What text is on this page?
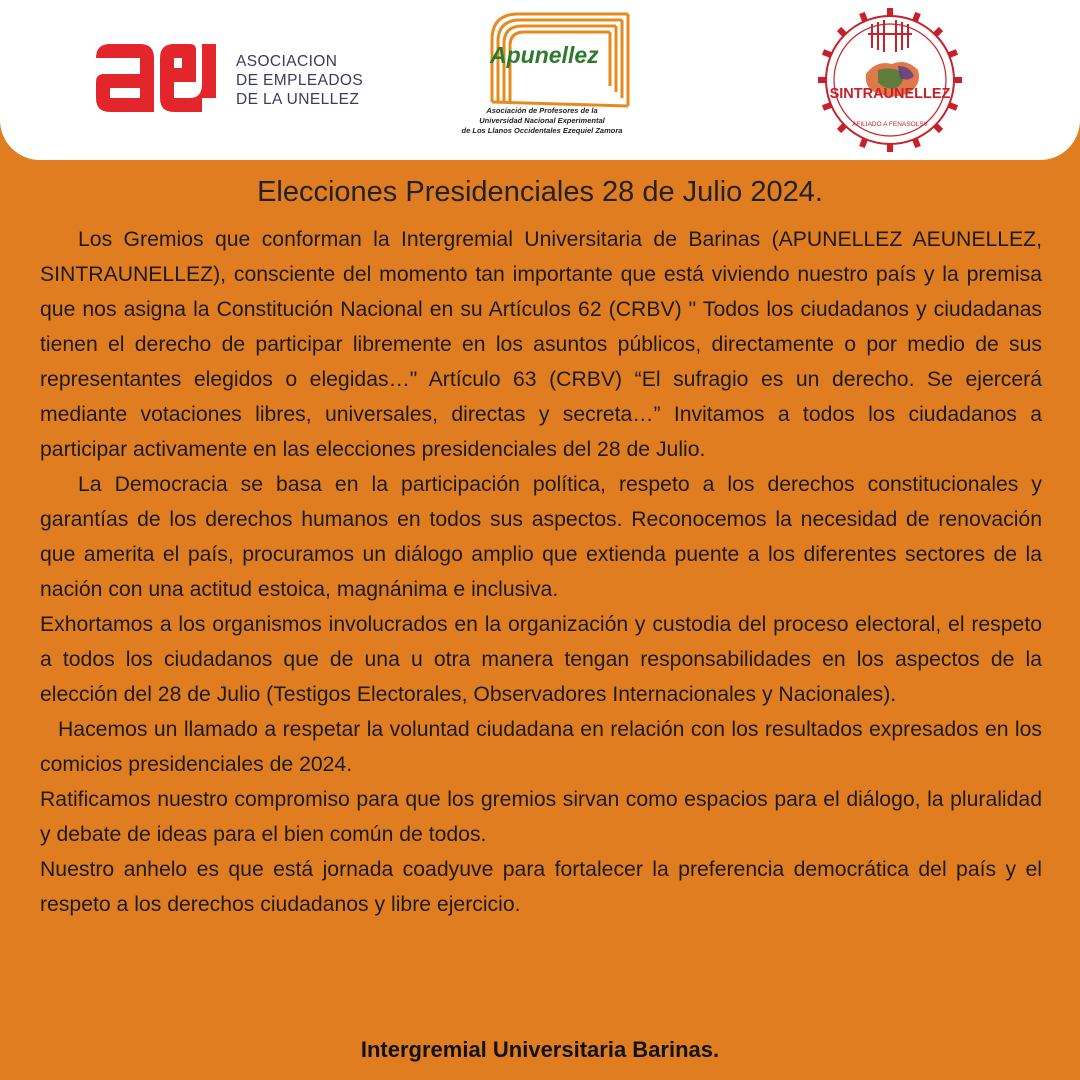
ASOCIACION
DE EMPLEADOS
DE LA UNELLEZ
Apunellez
Asociación de Profesores de la
Universidad Nacional Experimental
de Los Llanos Occidentales Ezequiel Zamora
SINTRAUNELLEZ
AFILIADO A FENASOLSV
Elecciones Presidenciales 28 de Julio 2024.

Los Gremios que conforman la Intergremial Universitaria de Barinas (APUNELLEZ AEUNELLEZ, SINTRAUNELLEZ), consciente del momento tan importante que está viviendo nuestro país y la premisa que nos asigna la Constitución Nacional en su Artículos 62 (CRBV) " Todos los ciudadanos y ciudadanas tienen el derecho de participar libremente en los asuntos públicos, directamente o por medio de sus representantes elegidos o elegidas…" Artículo 63 (CRBV) “El sufragio es un derecho. Se ejercerá mediante votaciones libres, universales, directas y secreta…” Invitamos a todos los ciudadanos a participar activamente en las elecciones presidenciales del 28 de Julio.

La Democracia se basa en la participación política, respeto a los derechos constitucionales y garantías de los derechos humanos en todos sus aspectos. Reconocemos la necesidad de renovación que amerita el país, procuramos un diálogo amplio que extienda puente a los diferentes sectores de la nación con una actitud estoica, magnánima e inclusiva.

Exhortamos a los organismos involucrados en la organización y custodia del proceso electoral, el respeto a todos los ciudadanos que de una u otra manera tengan responsabilidades en los aspectos de la elección del 28 de Julio (Testigos Electorales, Observadores Internacionales y Nacionales).

Hacemos un llamado a respetar la voluntad ciudadana en relación con los resultados expresados en los comicios presidenciales de 2024.

Ratificamos nuestro compromiso para que los gremios sirvan como espacios para el diálogo, la pluralidad y debate de ideas para el bien común de todos.

Nuestro anhelo es que está jornada coadyuve para fortalecer la preferencia democrática del país y el respeto a los derechos ciudadanos y libre ejercicio.

Intergremial Universitaria Barinas.
